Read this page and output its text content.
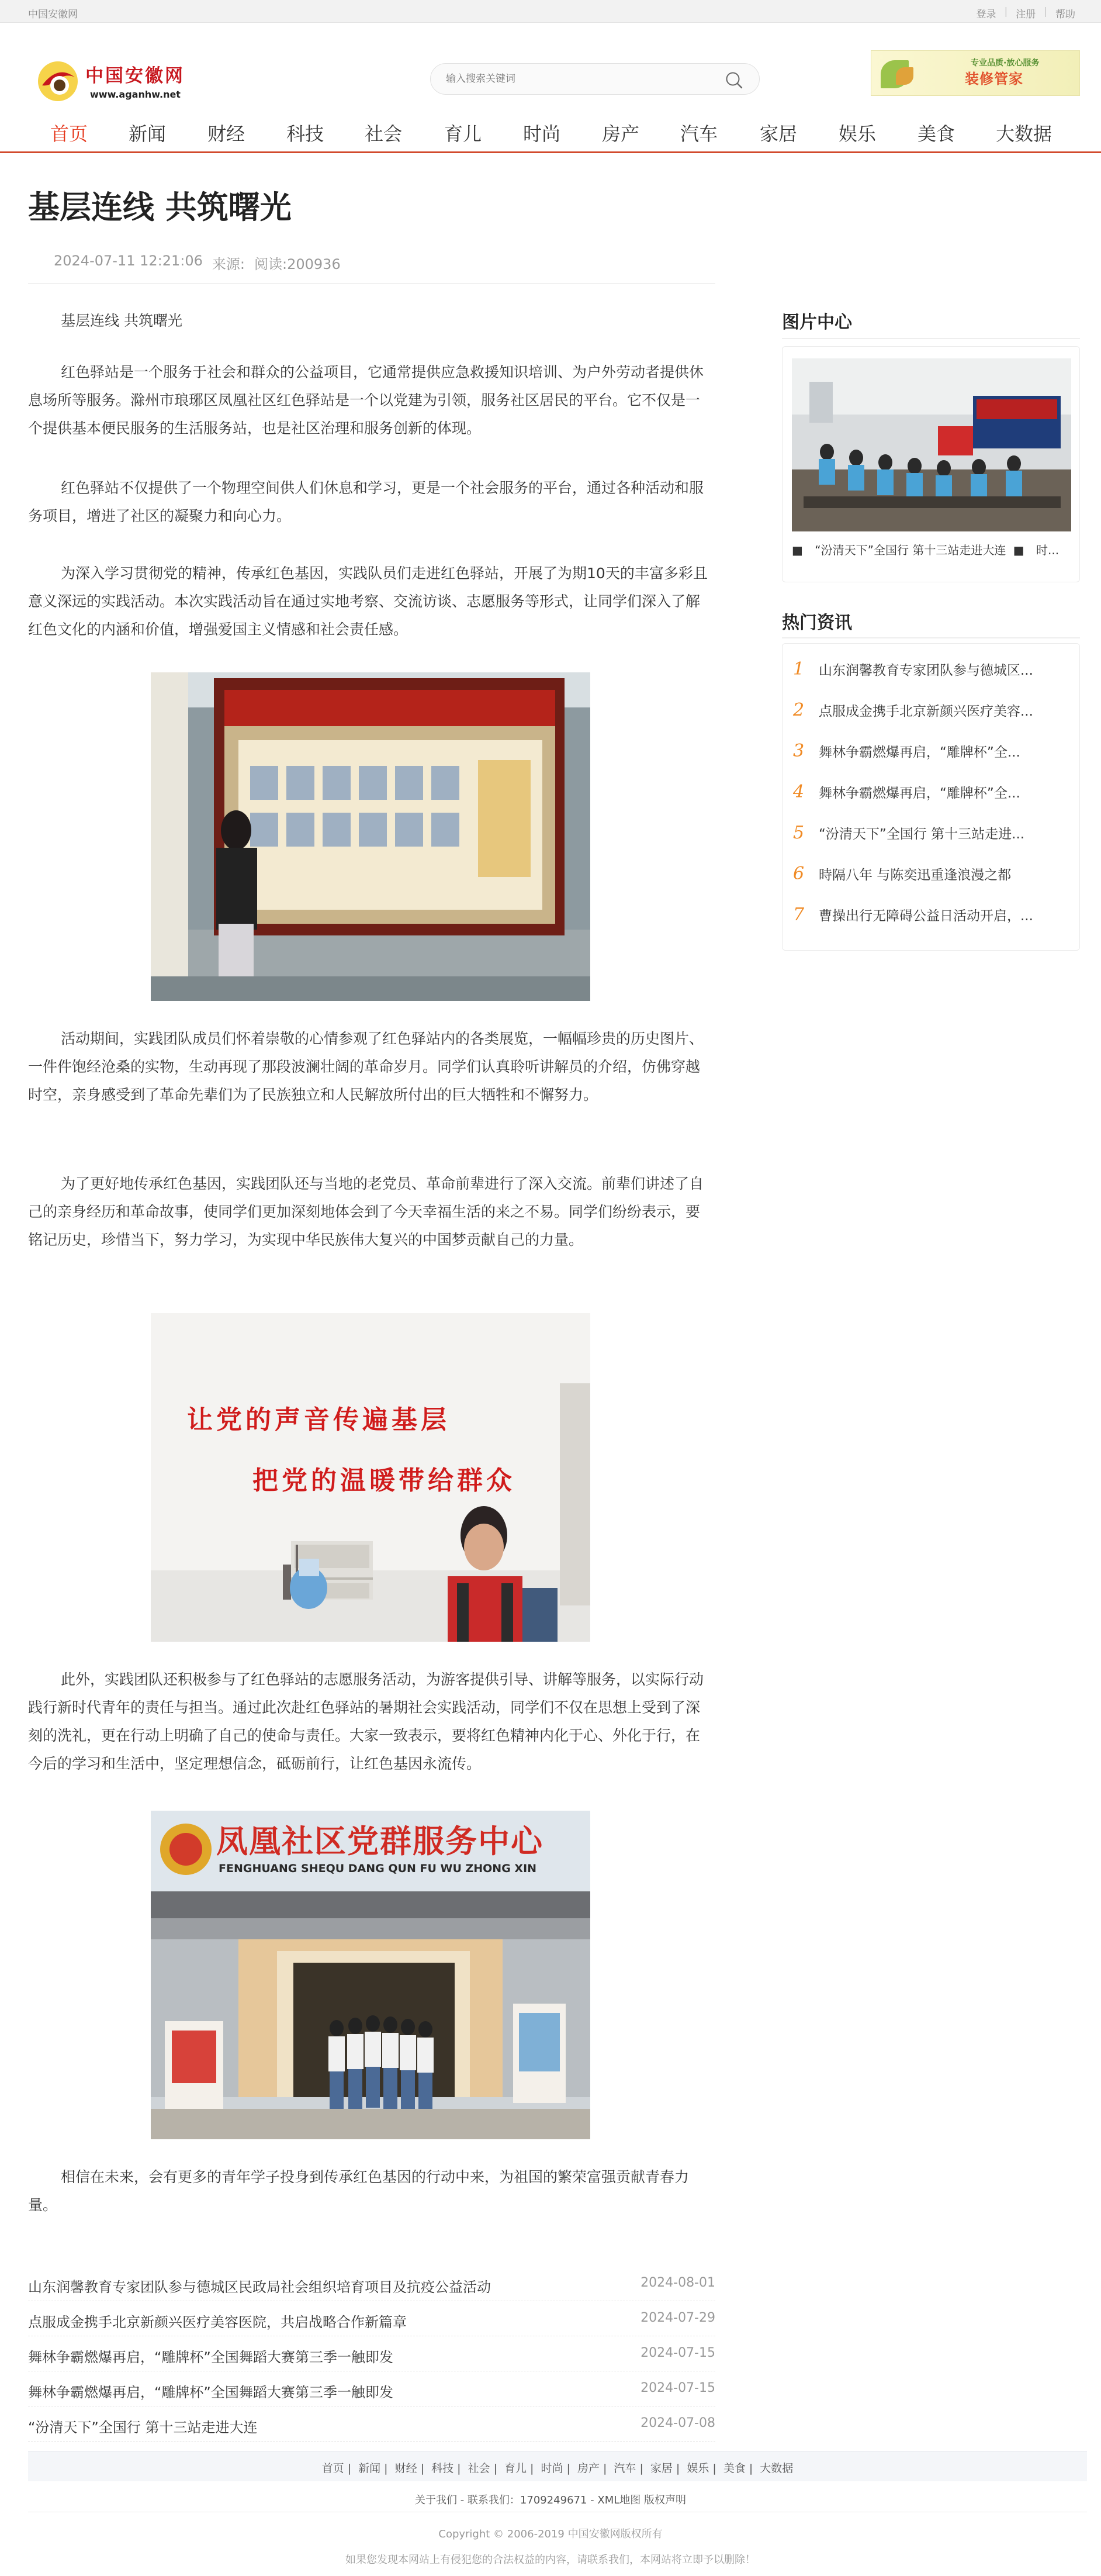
中国安徽网	登录 | 注册 | 帮助
中国安徽网
www.aganhw.net
输入搜索关键词
专业品质·放心服务
装修管家
首页 新闻 财经 科技 社会 育儿 时尚 房产 汽车 家居 娱乐 美食 大数据
基层连线 共筑曙光
2024-07-11 12:21:06 来源: 阅读:200936

基层连线 共筑曙光

红色驿站是一个服务于社会和群众的公益项目，它通常提供应急救援知识培训、为户外劳动者提供休息场所等服务。滁州市琅琊区凤凰社区红色驿站是一个以党建为引领，服务社区居民的平台。它不仅是一个提供基本便民服务的生活服务站，也是社区治理和服务创新的体现。

红色驿站不仅提供了一个物理空间供人们休息和学习，更是一个社会服务的平台，通过各种活动和服务项目，增进了社区的凝聚力和向心力。

为深入学习贯彻党的精神，传承红色基因，实践队员们走进红色驿站，开展了为期10天的丰富多彩且意义深远的实践活动。本次实践活动旨在通过实地考察、交流访谈、志愿服务等形式，让同学们深入了解红色文化的内涵和价值，增强爱国主义情感和社会责任感。

活动期间，实践团队成员们怀着崇敬的心情参观了红色驿站内的各类展览，一幅幅珍贵的历史图片、一件件饱经沧桑的实物，生动再现了那段波澜壮阔的革命岁月。同学们认真聆听讲解员的介绍，仿佛穿越时空，亲身感受到了革命先辈们为了民族独立和人民解放所付出的巨大牺牲和不懈努力。

为了更好地传承红色基因，实践团队还与当地的老党员、革命前辈进行了深入交流。前辈们讲述了自己的亲身经历和革命故事，使同学们更加深刻地体会到了今天幸福生活的来之不易。同学们纷纷表示，要铭记历史，珍惜当下，努力学习，为实现中华民族伟大复兴的中国梦贡献自己的力量。

让党的声音传遍基层
把党的温暖带给群众

此外，实践团队还积极参与了红色驿站的志愿服务活动，为游客提供引导、讲解等服务，以实际行动践行新时代青年的责任与担当。通过此次赴红色驿站的暑期社会实践活动，同学们不仅在思想上受到了深刻的洗礼，更在行动上明确了自己的使命与责任。大家一致表示，要将红色精神内化于心、外化于行，在今后的学习和生活中，坚定理想信念，砥砺前行，让红色基因永流传。

凤凰社区党群服务中心
FENGHUANG SHEQU DANG QUN FU WU ZHONG XIN

相信在未来，会有更多的青年学子投身到传承红色基因的行动中来，为祖国的繁荣富强贡献青春力量。

山东润馨教育专家团队参与德城区民政局社会组织培育项目及抗疫公益活动	2024-08-01
点服成金携手北京新颜兴医疗美容医院，共启战略合作新篇章	2024-07-29
舞林争霸燃爆再启，“雕牌杯”全国舞蹈大赛第三季一触即发	2024-07-15
舞林争霸燃爆再启，“雕牌杯”全国舞蹈大赛第三季一触即发	2024-07-15
“汾清天下”全国行 第十三站走进大连	2024-07-08
图片中心
■ “汾清天下”全国行 第十三站走进大连 ■ 时...
热门资讯
1 山东润馨教育专家团队参与德城区...
2 点服成金携手北京新颜兴医疗美容...
3 舞林争霸燃爆再启，“雕牌杯”全...
4 舞林争霸燃爆再启，“雕牌杯”全...
5 “汾清天下”全国行 第十三站走进...
6 時隔八年 与陈奕迅重逢浪漫之都
7 曹操出行无障碍公益日活动开启，...
首页 | 新闻 | 财经 | 科技 | 社会 | 育儿 | 时尚 | 房产 | 汽车 | 家居 | 娱乐 | 美食 | 大数据
关于我们 - 联系我们：1709249671 - XML地图 版权声明
Copyright © 2006-2019 中国安徽网版权所有
如果您发现本网站上有侵犯您的合法权益的内容，请联系我们，本网站将立即予以删除！
